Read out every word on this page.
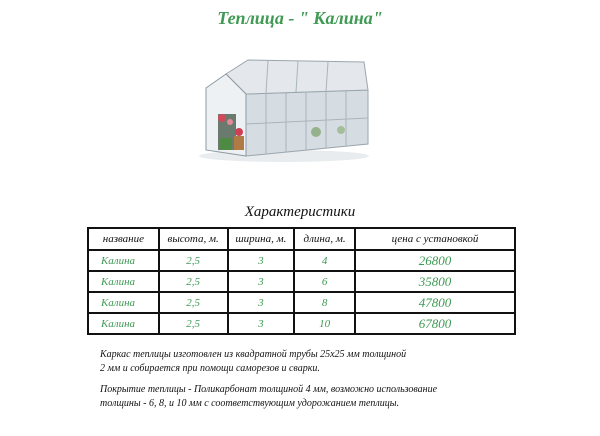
Теплица - " Калина"
Характеристики
название	высота, м.	ширина, м.	длина, м.	цена с установкой
Калина	2,5	3	4	26800
Калина	2,5	3	6	35800
Калина	2,5	3	8	47800
Калина	2,5	3	10	67800
Каркас теплицы изготовлен из квадратной трубы 25х25 мм толщиной
2 мм и собирается при помощи саморезов и сварки.
Покрытие теплицы - Поликарбонат толщиной 4 мм, возможно использование
толщины - 6, 8, и 10 мм с соответствующим удорожанием теплицы.
